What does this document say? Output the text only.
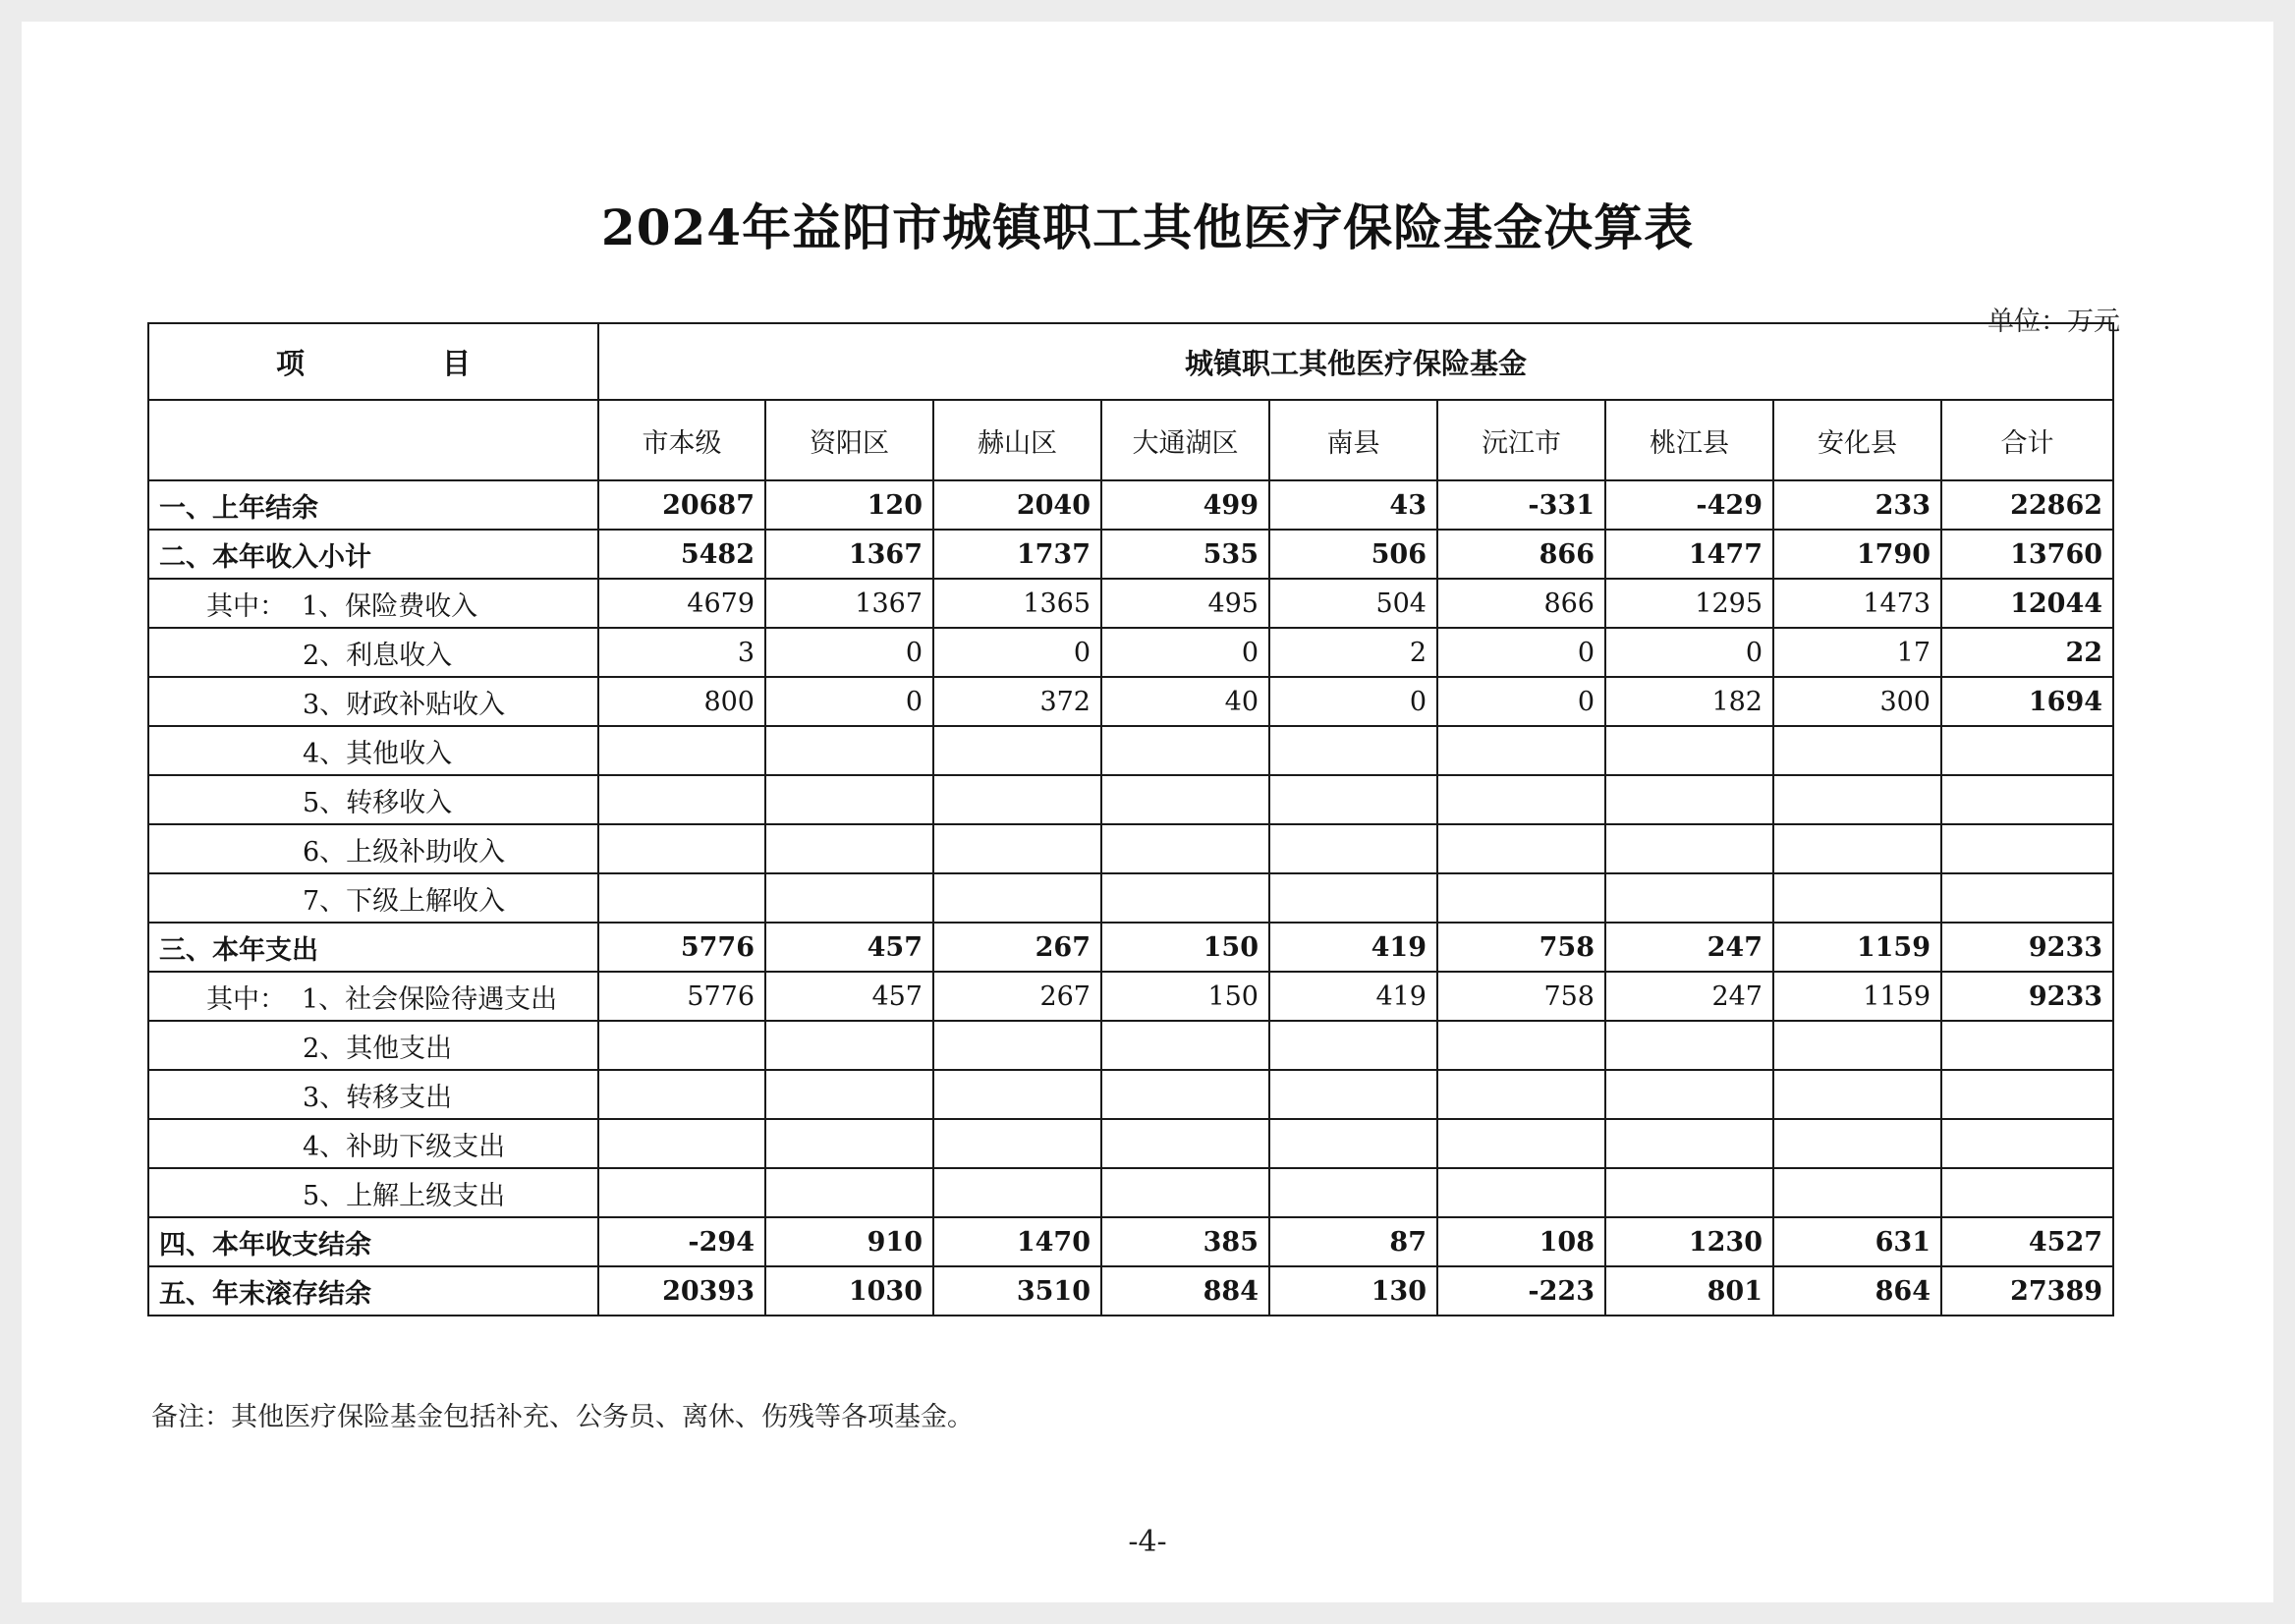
2024年益阳市城镇职工其他医疗保险基金决算表
单位：万元
项 目	城镇职工其他医疗保险基金								
	市本级	资阳区	赫山区	大通湖区	南县	沅江市	桃江县	安化县	合计
一、上年结余	20687	120	2040	499	43	-331	-429	233	22862
二、本年收入小计	5482	1367	1737	535	506	866	1477	1790	13760
其中： 1、保险费收入	4679	1367	1365	495	504	866	1295	1473	12044
2、利息收入	3	0	0	0	2	0	0	17	22
3、财政补贴收入	800	0	372	40	0	0	182	300	1694
4、其他收入									
5、转移收入									
6、上级补助收入									
7、下级上解收入									
三、本年支出	5776	457	267	150	419	758	247	1159	9233
其中： 1、社会保险待遇支出	5776	457	267	150	419	758	247	1159	9233
2、其他支出									
3、转移支出									
4、补助下级支出									
5、上解上级支出									
四、本年收支结余	-294	910	1470	385	87	108	1230	631	4527
五、年末滚存结余	20393	1030	3510	884	130	-223	801	864	27389
备注：其他医疗保险基金包括补充、公务员、离休、伤残等各项基金。
-4-
